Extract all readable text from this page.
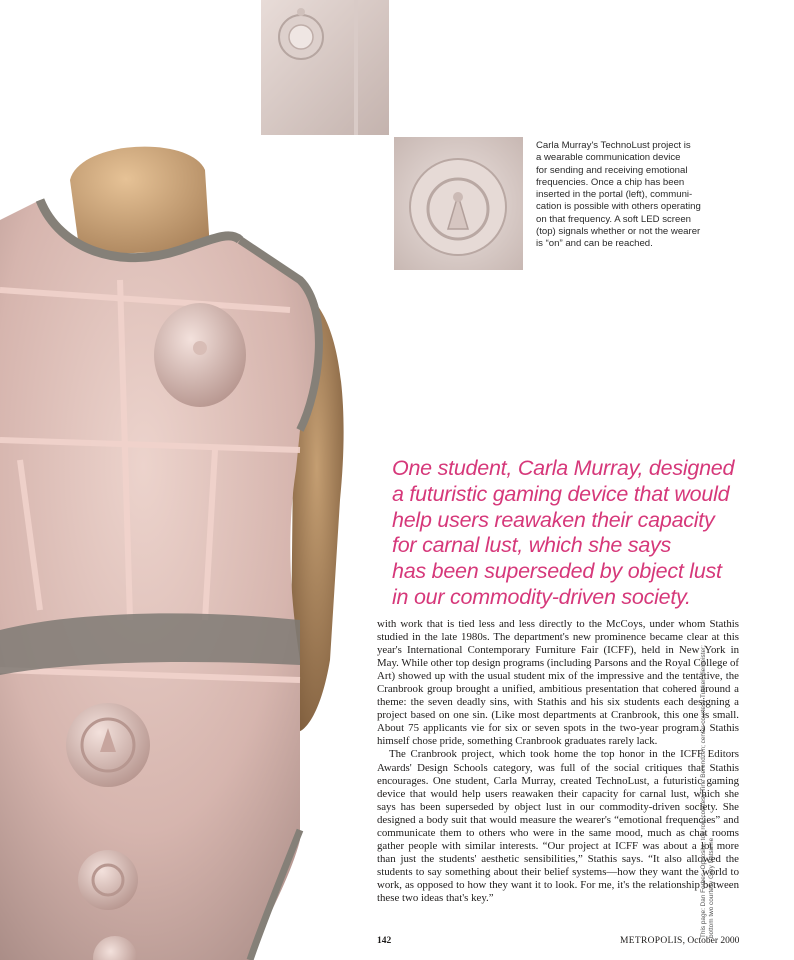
Carla Murray's TechnoLust project is
a wearable communication device
for sending and receiving emotional
frequencies. Once a chip has been
inserted in the portal (left), communi-
cation is possible with others operating
on that frequency. A soft LED screen
(top) signals whether or not the wearer
is “on” and can be reached.
One student, Carla Murray, designed
a futuristic gaming device that would
help users reawaken their capacity
for carnal lust, which she says
has been superseded by object lust
in our commodity-driven society.

with work that is tied less and less directly to the McCoys, under whom Stathis studied in the late 1980s. The department's new prominence became clear at this year's International Contemporary Furniture Fair (ICFF), held in New York in May. While other top design programs (including Parsons and the Royal College of Art) showed up with the usual student mix of the impressive and the tentative, the Cranbrook group brought a unified, ambitious presentation that cohered around a theme: the seven deadly sins, with Stathis and his six students each designing a project based on one sin. (Like most departments at Cranbrook, this one is small. About 75 applicants vie for six or seven spots in the two-year program.) Stathis himself chose pride, something Cranbrook graduates rarely lack.

The Cranbrook project, which took home the top honor in the ICFF Editors Awards' Design Schools category, was full of the social critiques that Stathis encourages. One student, Carla Murray, created TechnoLust, a futuristic gaming device that would help users reawaken their capacity for carnal lust, which she says has been superseded by object lust in our commodity-driven society. She designed a body suit that would measure the wearer's “emotional frequencies” and communicate them to others who were in the same mood, much as chat rooms gather people with similar interests. “Our project at ICFF was about a lot more than just the students' aesthetic sensibilities,” Stathis says. “It also allowed the students to say something about their belief systems—how they want the world to work, as opposed to how they want it to look. For me, it's the relationship between these two ideas that's key.”	This page: Dan Forbes. Opposite, top row courtesy Tine Berendzen; center courtesy Tucker Viemeister; bottom two courtesy Gary Natsume
142	METROPOLIS, October 2000
